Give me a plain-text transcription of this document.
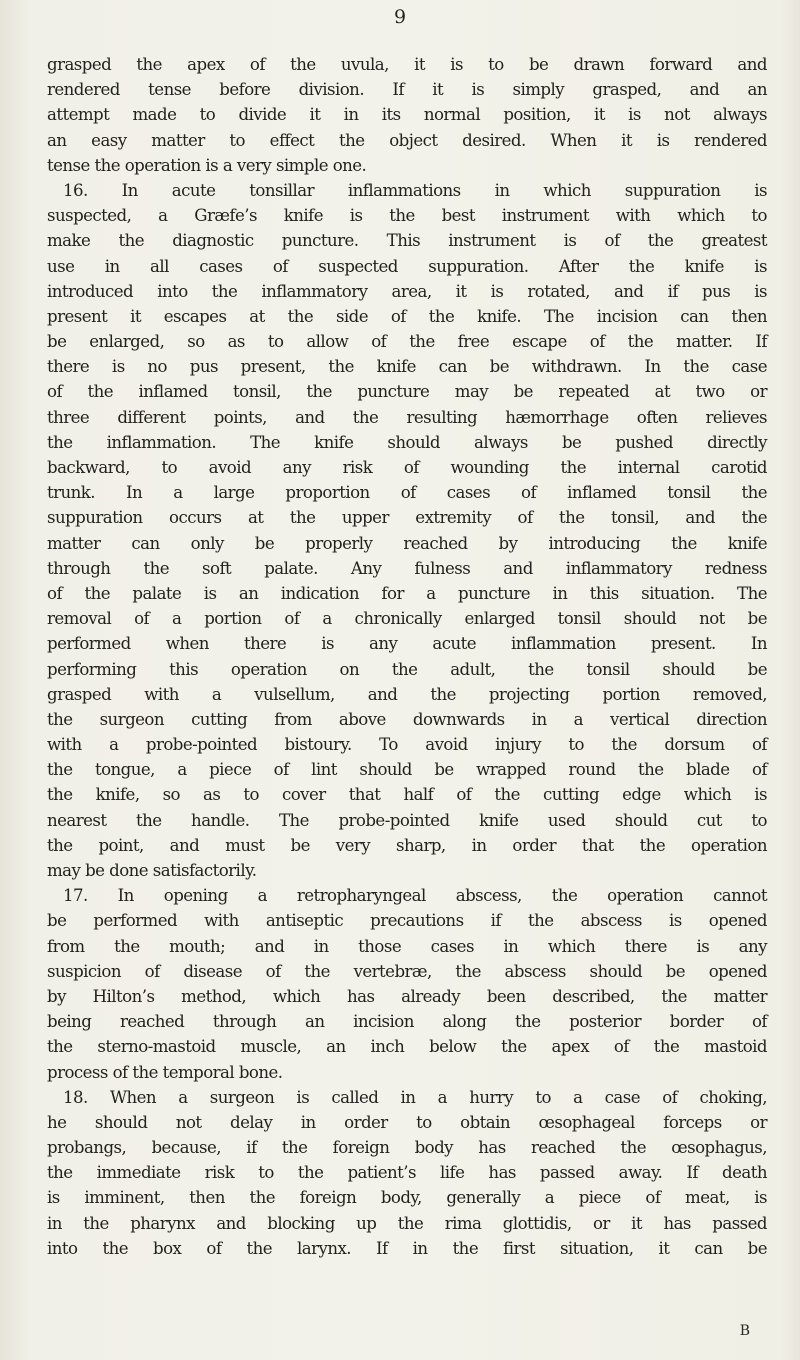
9
grasped the apex of the uvula, it is to be drawn forward and
rendered tense before division. If it is simply grasped, and an
attempt made to divide it in its normal position, it is not always
an easy matter to effect the object desired. When it is rendered
tense the operation is a very simple one.
16. In acute tonsillar inflammations in which suppuration is
suspected, a Græfe’s knife is the best instrument with which to
make the diagnostic puncture. This instrument is of the greatest
use in all cases of suspected suppuration. After the knife is
introduced into the inflammatory area, it is rotated, and if pus is
present it escapes at the side of the knife. The incision can then
be enlarged, so as to allow of the free escape of the matter. If
there is no pus present, the knife can be withdrawn. In the case
of the inflamed tonsil, the puncture may be repeated at two or
three different points, and the resulting hæmorrhage often relieves
the inflammation. The knife should always be pushed directly
backward, to avoid any risk of wounding the internal carotid
trunk. In a large proportion of cases of inflamed tonsil the
suppuration occurs at the upper extremity of the tonsil, and the
matter can only be properly reached by introducing the knife
through the soft palate. Any fulness and inflammatory redness
of the palate is an indication for a puncture in this situation. The
removal of a portion of a chronically enlarged tonsil should not be
performed when there is any acute inflammation present. In
performing this operation on the adult, the tonsil should be
grasped with a vulsellum, and the projecting portion removed,
the surgeon cutting from above downwards in a vertical direction
with a probe-pointed bistoury. To avoid injury to the dorsum of
the tongue, a piece of lint should be wrapped round the blade of
the knife, so as to cover that half of the cutting edge which is
nearest the handle. The probe-pointed knife used should cut to
the point, and must be very sharp, in order that the operation
may be done satisfactorily.
17. In opening a retropharyngeal abscess, the operation cannot
be performed with antiseptic precautions if the abscess is opened
from the mouth; and in those cases in which there is any
suspicion of disease of the vertebræ, the abscess should be opened
by Hilton’s method, which has already been described, the matter
being reached through an incision along the posterior border of
the sterno-mastoid muscle, an inch below the apex of the mastoid
process of the temporal bone.
18. When a surgeon is called in a hurry to a case of choking,
he should not delay in order to obtain œsophageal forceps or
probangs, because, if the foreign body has reached the œsophagus,
the immediate risk to the patient’s life has passed away. If death
is imminent, then the foreign body, generally a piece of meat, is
in the pharynx and blocking up the rima glottidis, or it has passed
into the box of the larynx. If in the first situation, it can be
B
